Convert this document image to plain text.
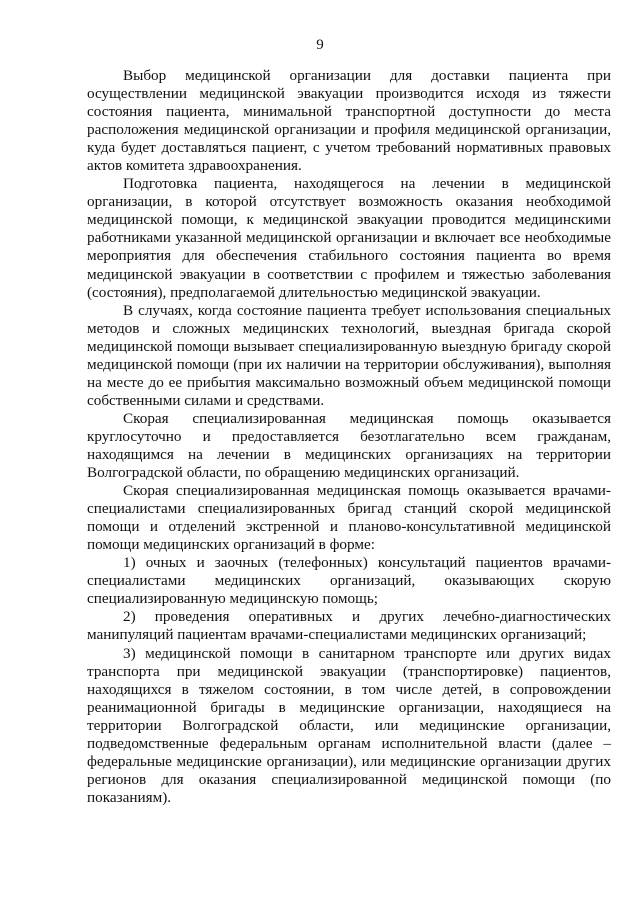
9

Выбор медицинской организации для доставки пациента при осуществлении медицинской эвакуации производится исходя из тяжести состояния пациента, минимальной транспортной доступности до места расположения медицинской организации и профиля медицинской организации, куда будет доставляться пациент, с учетом требований нормативных правовых актов комитета здравоохранения.

Подготовка пациента, находящегося на лечении в медицинской организации, в которой отсутствует возможность оказания необходимой медицинской помощи, к медицинской эвакуации проводится медицинскими работниками указанной медицинской организации и включает все необходимые мероприятия для обеспечения стабильного состояния пациента во время медицинской эвакуации в соответствии с профилем и тяжестью заболевания (состояния), предполагаемой длительностью медицинской эвакуации.

В случаях, когда состояние пациента требует использования специальных методов и сложных медицинских технологий, выездная бригада скорой медицинской помощи вызывает специализированную выездную бригаду скорой медицинской помощи (при их наличии на территории обслуживания), выполняя на месте до ее прибытия максимально возможный объем медицинской помощи собственными силами и средствами.

Скорая специализированная медицинская помощь оказывается круглосуточно и предоставляется безотлагательно всем гражданам, находящимся на лечении в медицинских организациях на территории Волгоградской области, по обращению медицинских организаций.

Скорая специализированная медицинская помощь оказывается врачами-специалистами специализированных бригад станций скорой медицинской помощи и отделений экстренной и планово-консультативной медицинской помощи медицинских организаций в форме:

1) очных и заочных (телефонных) консультаций пациентов врачами-специалистами медицинских организаций, оказывающих скорую специализированную медицинскую помощь;

2) проведения оперативных и других лечебно-диагностических манипуляций пациентам врачами-специалистами медицинских организаций;

3) медицинской помощи в санитарном транспорте или других видах транспорта при медицинской эвакуации (транспортировке) пациентов, находящихся в тяжелом состоянии, в том числе детей, в сопровождении реанимационной бригады в медицинские организации, находящиеся на территории Волгоградской области, или медицинские организации, подведомственные федеральным органам исполнительной власти (далее – федеральные медицинские организации), или медицинские организации других регионов для оказания специализированной медицинской помощи (по показаниям).
